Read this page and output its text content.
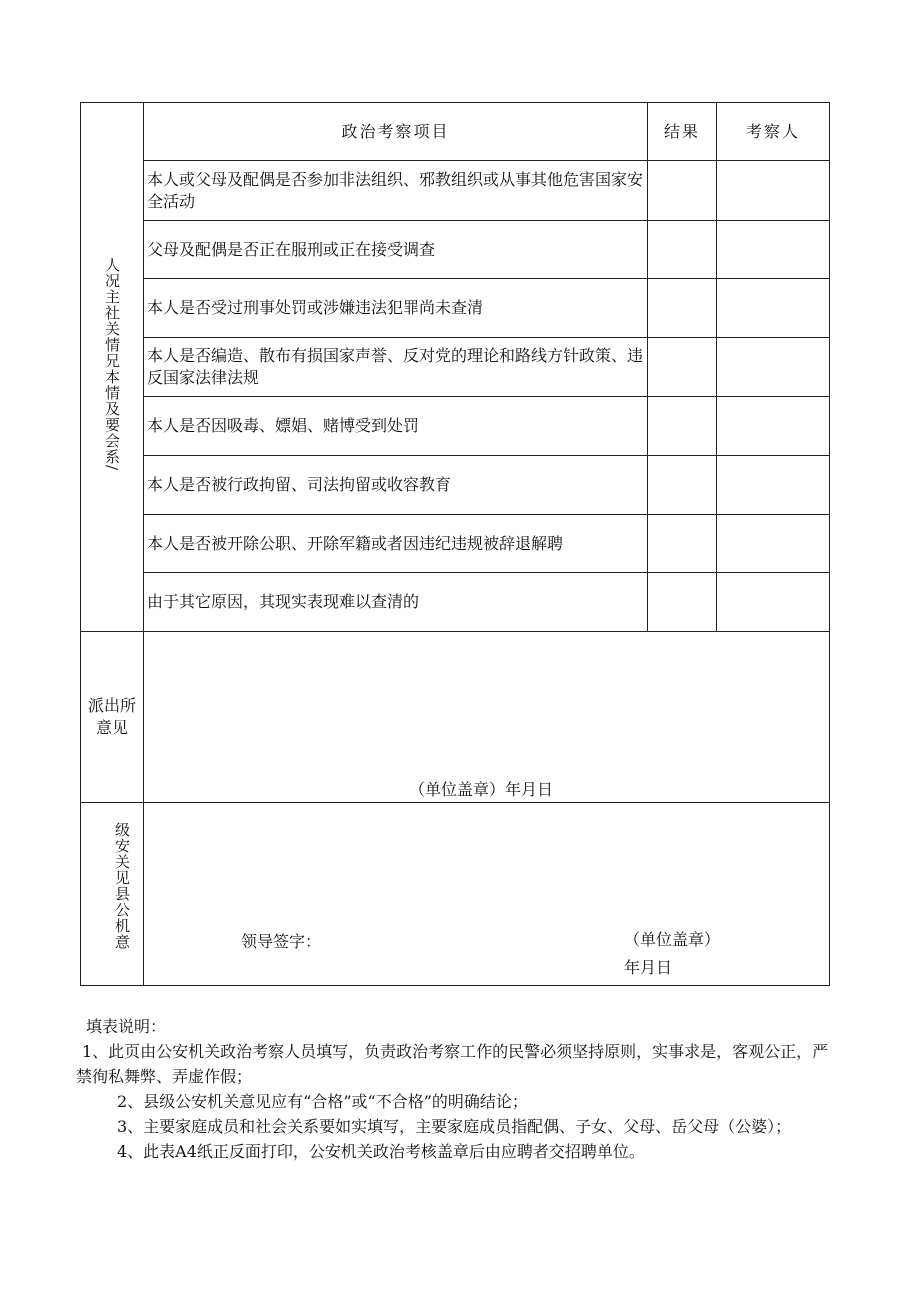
人况主社关情兄本情及要会系/	政治考察项目	结果	考察人
	本人或父母及配偶是否参加非法组织、邪教组织或从事其他危害国家安全活动		
	父母及配偶是否正在服刑或正在接受调查		
	本人是否受过刑事处罚或涉嫌违法犯罪尚未查清		
	本人是否编造、散布有损国家声誉、反对党的理论和路线方针政策、违反国家法律法规		
	本人是否因吸毒、嫖娼、赌博受到处罚		
	本人是否被行政拘留、司法拘留或收容教育		
	本人是否被开除公职、开除军籍或者因违纪违规被辞退解聘		
	由于其它原因，其现实表现难以查清的		

派出所意见	（单位盖章）年月日		

级安关见县公机意	领导签字： （单位盖章）
年月日		

填表说明：

1、此页由公安机关政治考察人员填写，负责政治考察工作的民警必须坚持原则，实事求是，客观公正，严禁徇私舞弊、弄虚作假；

2、县级公安机关意见应有“合格”或“不合格”的明确结论；

3、主要家庭成员和社会关系要如实填写，主要家庭成员指配偶、子女、父母、岳父母（公婆）；

4、此表A4纸正反面打印，公安机关政治考核盖章后由应聘者交招聘单位。
